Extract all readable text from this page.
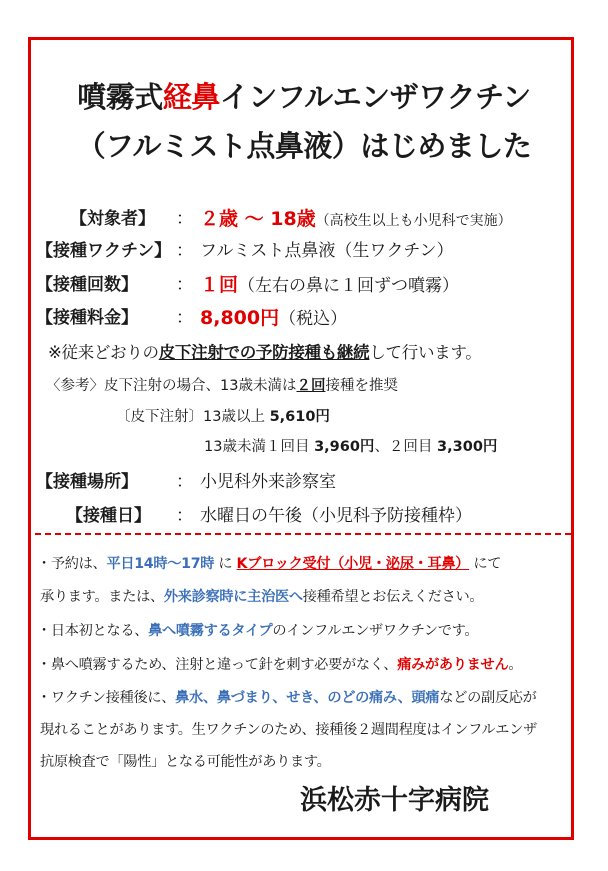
噴霧式経鼻インフルエンザワクチン
（フルミスト点鼻液）はじめました
【対象者】 ： ２歳 〜 18歳（高校生以上も小児科で実施）
【接種ワクチン】 ： フルミスト点鼻液（生ワクチン）
【接種回数】 ： １回（左右の鼻に１回ずつ噴霧）
【接種料金】 ： 8,800円（税込）
※従来どおりの皮下注射での予防接種も継続して行います。
〈参考〉皮下注射の場合、13歳未満は２回接種を推奨
〔皮下注射〕13歳以上 5,610円
13歳未満１回目 3,960円、２回目 3,300円
【接種場所】 ： 小児科外来診察室
【接種日】 ： 水曜日の午後（小児科予防接種枠）
・予約は、平日14時〜17時 に Kブロック受付（小児・泌尿・耳鼻） にて
承ります。または、外来診察時に主治医へ接種希望とお伝えください。
・日本初となる、鼻へ噴霧するタイプのインフルエンザワクチンです。
・鼻へ噴霧するため、注射と違って針を刺す必要がなく、痛みがありません。
・ワクチン接種後に、鼻水、鼻づまり、せき、のどの痛み、頭痛などの副反応が
現れることがあります。生ワクチンのため、接種後２週間程度はインフルエンザ
抗原検査で「陽性」となる可能性があります。
浜松赤十字病院
